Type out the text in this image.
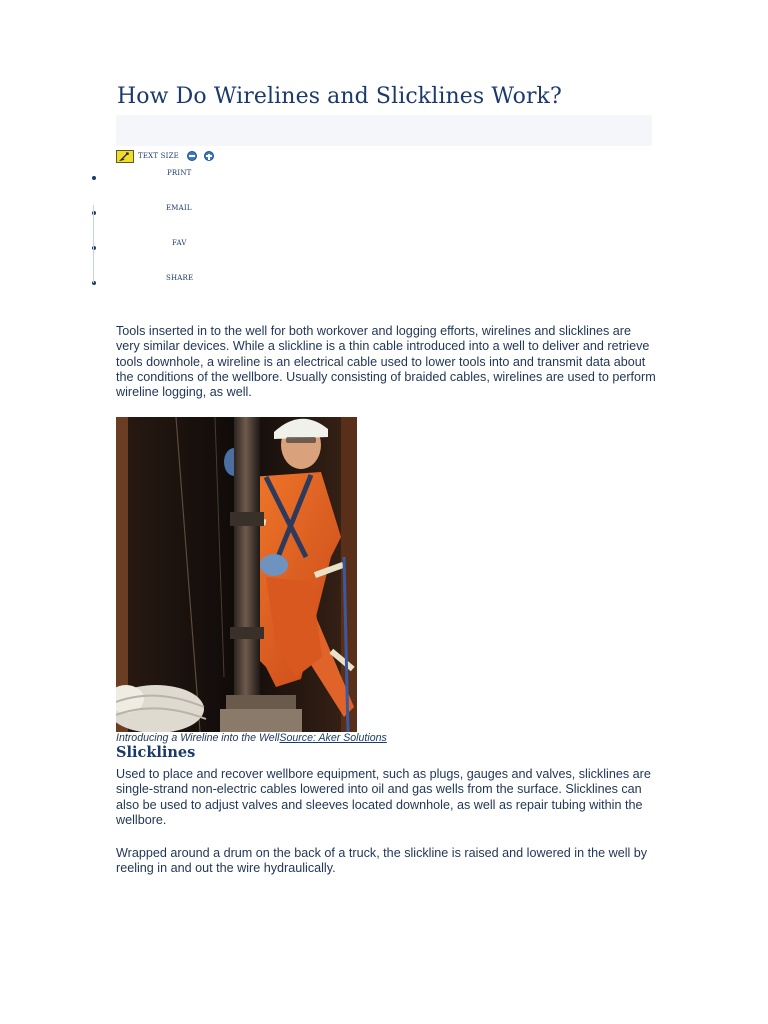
How Do Wirelines and Slicklines Work?
TEXT SIZE
PRINT
EMAIL
FAV
SHARE

Tools inserted in to the well for both workover and logging efforts, wirelines and slicklines are very similar devices. While a slickline is a thin cable introduced into a well to deliver and retrieve tools downhole, a wireline is an electrical cable used to lower tools into and transmit data about the conditions of the wellbore. Usually consisting of braided cables, wirelines are used to perform wireline logging, as well.

Introducing a Wireline into the WellSource: Aker Solutions
Slicklines

Used to place and recover wellbore equipment, such as plugs, gauges and valves, slicklines are single-strand non-electric cables lowered into oil and gas wells from the surface. Slicklines can also be used to adjust valves and sleeves located downhole, as well as repair tubing within the wellbore.

Wrapped around a drum on the back of a truck, the slickline is raised and lowered in the well by reeling in and out the wire hydraulically.
